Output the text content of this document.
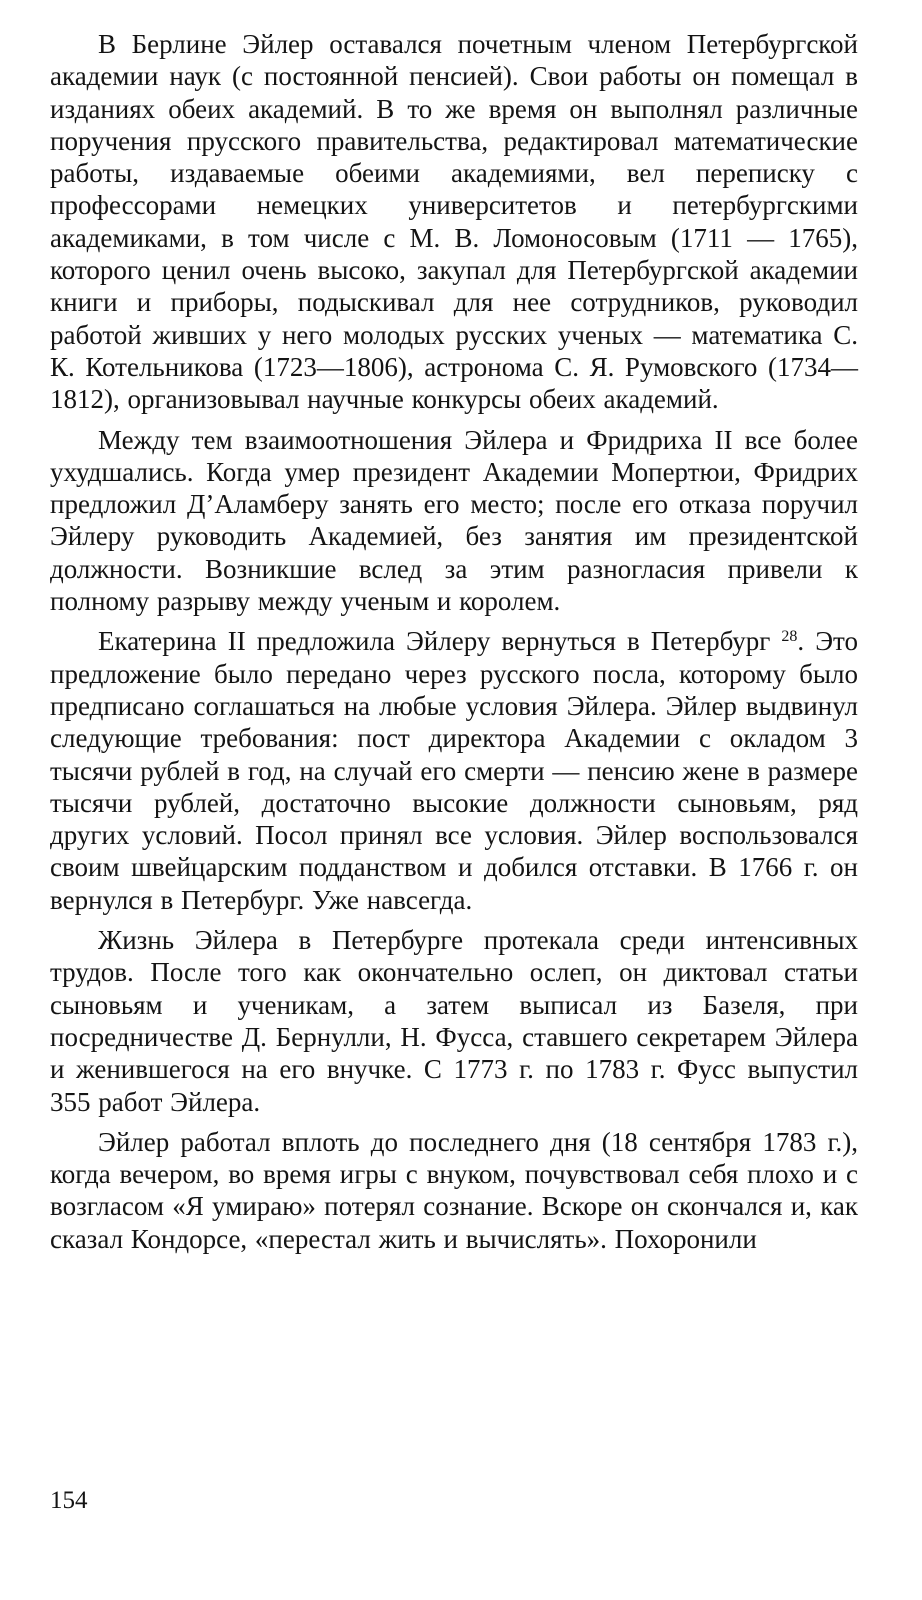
В Берлине Эйлер оставался почетным членом Петербургской академии наук (с постоянной пенсией). Свои работы он помещал в изданиях обеих академий. В то же время он выполнял различные поручения прусского правительства, редактировал математические работы, издаваемые обеими академиями, вел переписку с профессорами немецких университетов и петербургскими академиками, в том числе с М. В. Ломоносовым (1711 — 1765), которого ценил очень высоко, закупал для Петербургской академии книги и приборы, подыскивал для нее сотрудников, руководил работой живших у него молодых русских ученых — математика С. К. Котельникова (1723—1806), астронома С. Я. Румовского (1734—1812), организовывал научные конкурсы обеих академий.

Между тем взаимоотношения Эйлера и Фридриха II все более ухудшались. Когда умер президент Академии Мопертюи, Фридрих предложил Д’Аламберу занять его место; после его отказа поручил Эйлеру руководить Академией, без занятия им президентской должности. Возникшие вслед за этим разногласия привели к полному разрыву между ученым и королем.

Екатерина II предложила Эйлеру вернуться в Петербург $^{28}$. Это предложение было передано через русского посла, которому было предписано соглашаться на любые условия Эйлера. Эйлер выдвинул следующие требования: пост директора Академии с окладом 3 тысячи рублей в год, на случай его смерти — пенсию жене в размере тысячи рублей, достаточно высокие должности сыновьям, ряд других условий. Посол принял все условия. Эйлер воспользовался своим швейцарским подданством и добился отставки. В 1766 г. он вернулся в Петербург. Уже навсегда.

Жизнь Эйлера в Петербурге протекала среди интенсивных трудов. После того как окончательно ослеп, он диктовал статьи сыновьям и ученикам, а затем выписал из Базеля, при посредничестве Д. Бернулли, Н. Фусса, ставшего секретарем Эйлера и женившегося на его внучке. С 1773 г. по 1783 г. Фусс выпустил 355 работ Эйлера.

Эйлер работал вплоть до последнего дня (18 сентября 1783 г.), когда вечером, во время игры с внуком, почувствовал себя плохо и с возгласом «Я умираю» потерял сознание. Вскоре он скончался и, как сказал Кондорсе, «перестал жить и вычислять». Похоронили

154
